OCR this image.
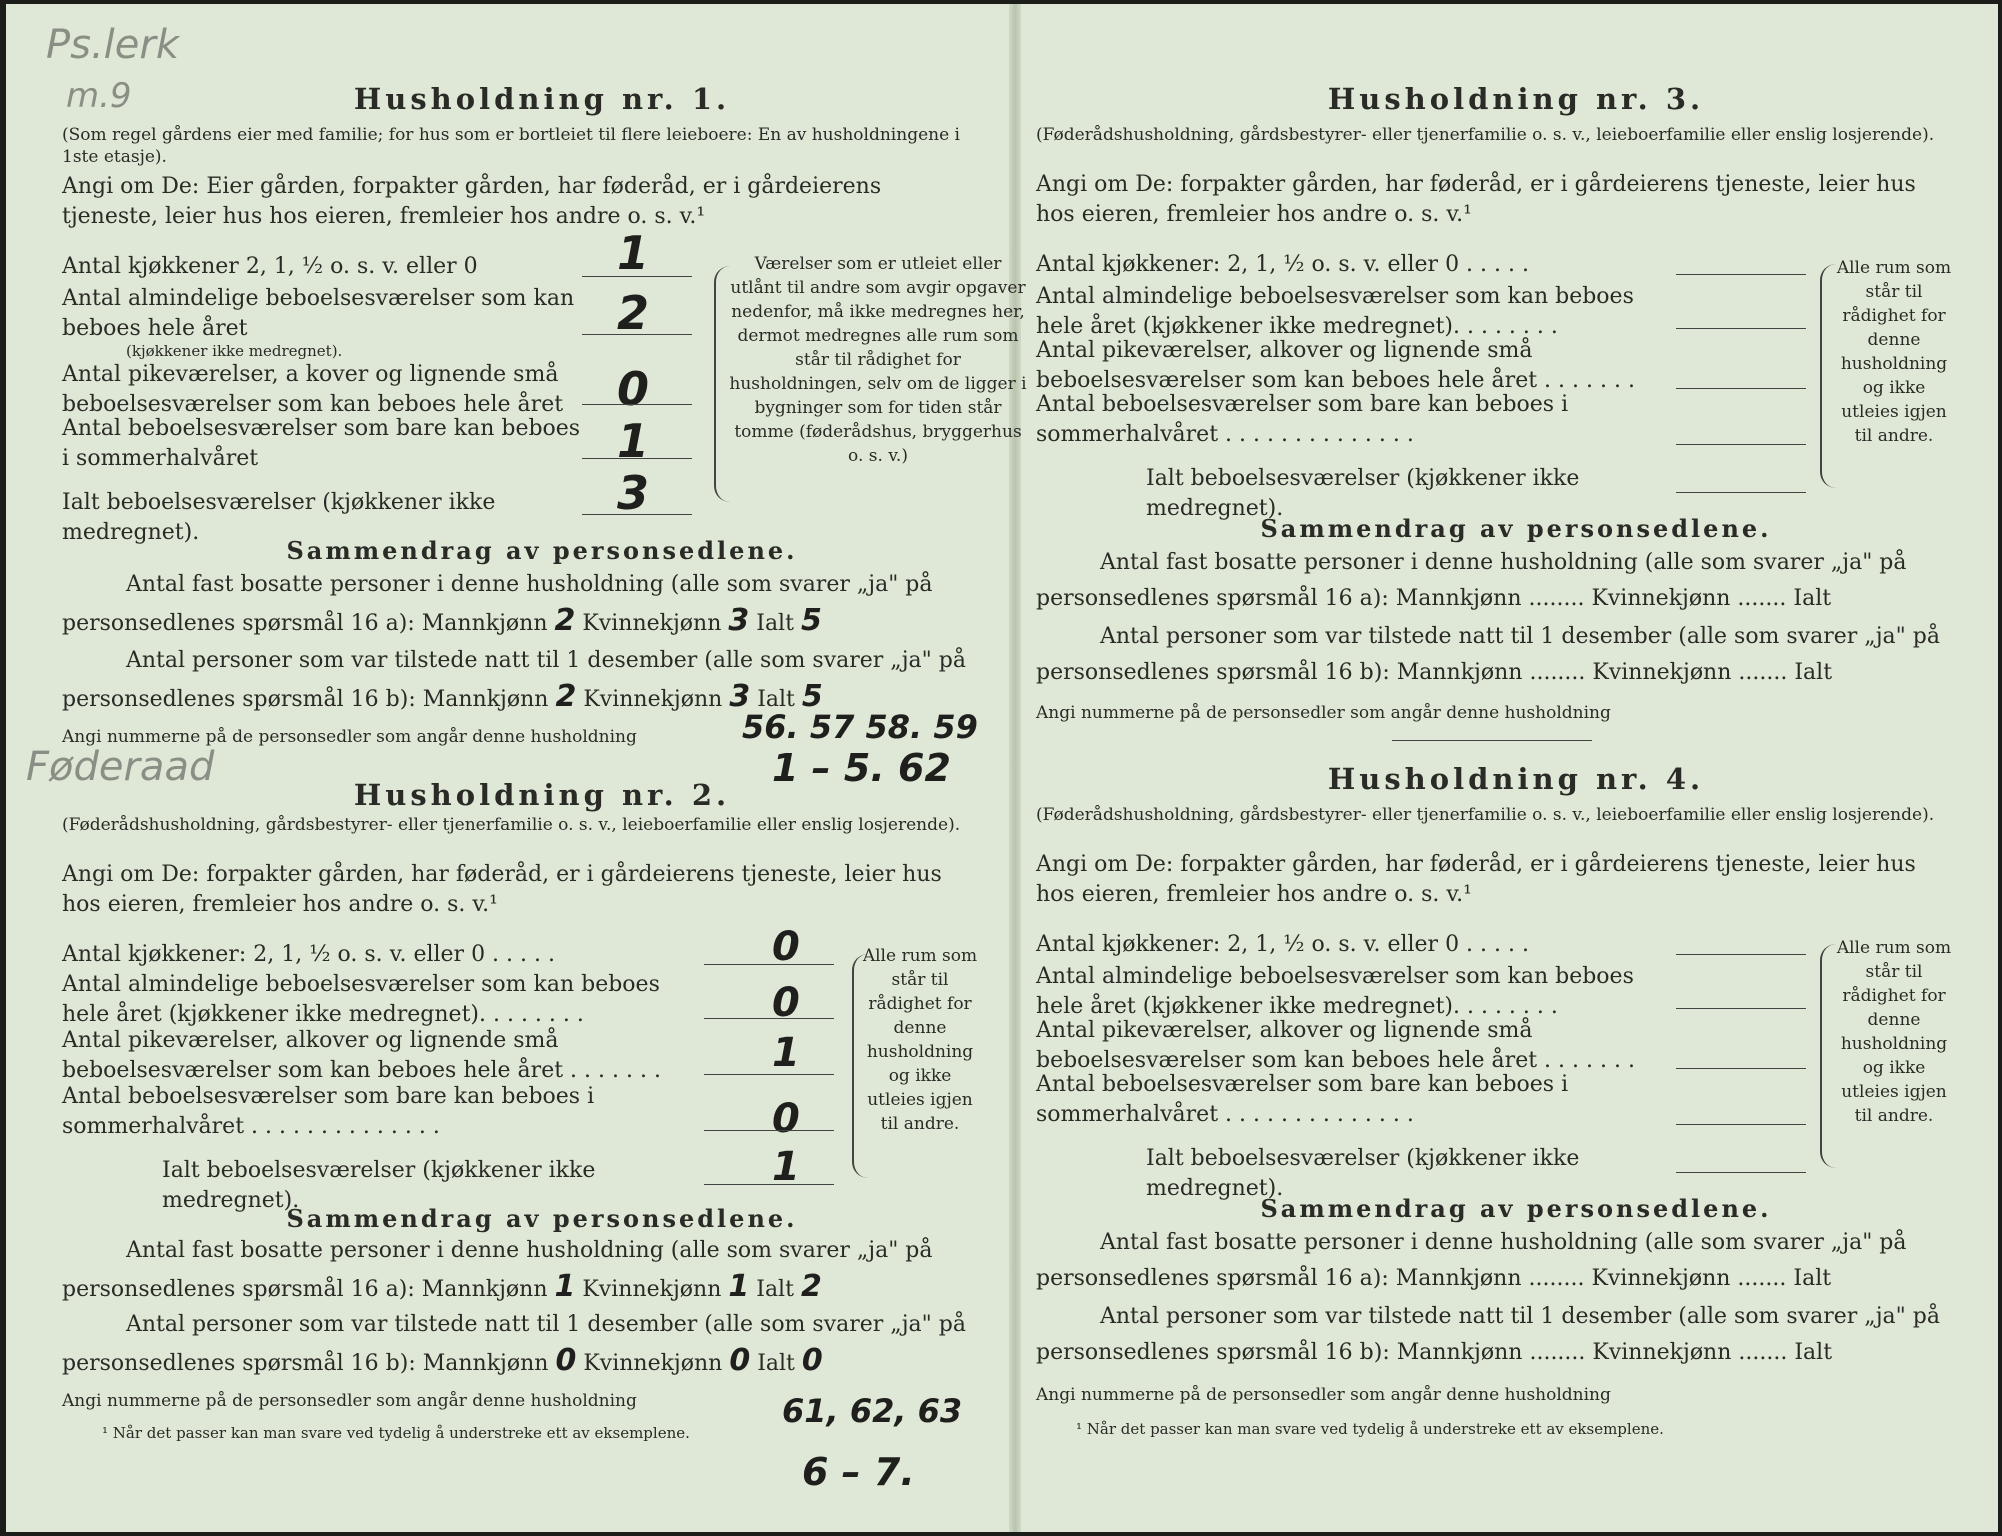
Ps.lerk
m.9
Føderaad
Husholdning nr. 1.
(Som regel gårdens eier med familie; for hus som er bortleiet til flere leieboere: En av husholdningene i 1ste etasje).
Angi om De: Eier gården, forpakter gården, har føderåd, er i gårdeierens tjeneste, leier hus hos eieren, fremleier hos andre o. s. v.¹
Antal kjøkkener 2, 1, ½ o. s. v. eller 0
Antal almindelige beboelsesværelser som kan beboes hele året
(kjøkkener ikke medregnet).
Antal pikeværelser, a kover og lignende små beboelsesværelser som kan beboes hele året
Antal beboelsesværelser som bare kan beboes i sommerhalvåret
Ialt beboelsesværelser (kjøkkener ikke medregnet).
1
2
0
1
3
Værelser som er utleiet eller utlånt til andre som avgir opgaver nedenfor, må ikke medregnes her, dermot medregnes alle rum som står til rådighet for husholdningen, selv om de ligger i bygninger som for tiden står tomme (føderådshus, bryggerhus o. s. v.)
Sammendrag av personsedlene.
Antal fast bosatte personer i denne husholdning (alle som svarer „ja" på
personsedlenes spørsmål 16 a): Mannkjønn 2 Kvinnekjønn 3 Ialt 5
Antal personer som var tilstede natt til 1 desember (alle som svarer „ja" på
personsedlenes spørsmål 16 b): Mannkjønn 2 Kvinnekjønn 3 Ialt 5
Angi nummerne på de personsedler som angår denne husholdning	56. 57 58. 59
1 – 5. 62
Husholdning nr. 2.
(Føderådshusholdning, gårdsbestyrer- eller tjenerfamilie o. s. v., leieboerfamilie eller enslig losjerende).
Angi om De: forpakter gården, har føderåd, er i gårdeierens tjeneste, leier hus hos eieren, fremleier hos andre o. s. v.¹
Antal kjøkkener: 2, 1, ½ o. s. v. eller 0 . . . . .
Antal almindelige beboelsesværelser som kan beboes hele året (kjøkkener ikke medregnet). . . . . . . .
Antal pikeværelser, alkover og lignende små beboelsesværelser som kan beboes hele året . . . . . . .
Antal beboelsesværelser som bare kan beboes i sommerhalvåret . . . . . . . . . . . . . .
Ialt beboelsesværelser (kjøkkener ikke medregnet).
0
0
1
0
1
Alle rum som står til rådighet for denne husholdning og ikke utleies igjen til andre.
Sammendrag av personsedlene.
Antal fast bosatte personer i denne husholdning (alle som svarer „ja" på
personsedlenes spørsmål 16 a): Mannkjønn 1 Kvinnekjønn 1 Ialt 2
Antal personer som var tilstede natt til 1 desember (alle som svarer „ja" på
personsedlenes spørsmål 16 b): Mannkjønn 0 Kvinnekjønn 0 Ialt 0
Angi nummerne på de personsedler som angår denne husholdning	61, 62, 63
6 – 7.
¹ Når det passer kan man svare ved tydelig å understreke ett av eksemplene.
Husholdning nr. 3.
(Føderådshusholdning, gårdsbestyrer- eller tjenerfamilie o. s. v., leieboerfamilie eller enslig losjerende).
Angi om De: forpakter gården, har føderåd, er i gårdeierens tjeneste, leier hus hos eieren, fremleier hos andre o. s. v.¹
Antal kjøkkener: 2, 1, ½ o. s. v. eller 0 . . . . .
Antal almindelige beboelsesværelser som kan beboes hele året (kjøkkener ikke medregnet). . . . . . . .
Antal pikeværelser, alkover og lignende små beboelsesværelser som kan beboes hele året . . . . . . .
Antal beboelsesværelser som bare kan beboes i sommerhalvåret . . . . . . . . . . . . . .
Ialt beboelsesværelser (kjøkkener ikke medregnet).
Alle rum som står til rådighet for denne husholdning og ikke utleies igjen til andre.
Sammendrag av personsedlene.
Antal fast bosatte personer i denne husholdning (alle som svarer „ja" på
personsedlenes spørsmål 16 a): Mannkjønn ........ Kvinnekjønn ....... Ialt
Antal personer som var tilstede natt til 1 desember (alle som svarer „ja" på
personsedlenes spørsmål 16 b): Mannkjønn ........ Kvinnekjønn ....... Ialt
Angi nummerne på de personsedler som angår denne husholdning
Husholdning nr. 4.
(Føderådshusholdning, gårdsbestyrer- eller tjenerfamilie o. s. v., leieboerfamilie eller enslig losjerende).
Angi om De: forpakter gården, har føderåd, er i gårdeierens tjeneste, leier hus hos eieren, fremleier hos andre o. s. v.¹
Antal kjøkkener: 2, 1, ½ o. s. v. eller 0 . . . . .
Antal almindelige beboelsesværelser som kan beboes hele året (kjøkkener ikke medregnet). . . . . . . .
Antal pikeværelser, alkover og lignende små beboelsesværelser som kan beboes hele året . . . . . . .
Antal beboelsesværelser som bare kan beboes i sommerhalvåret . . . . . . . . . . . . . .
Ialt beboelsesværelser (kjøkkener ikke medregnet).
Alle rum som står til rådighet for denne husholdning og ikke utleies igjen til andre.
Sammendrag av personsedlene.
Antal fast bosatte personer i denne husholdning (alle som svarer „ja" på
personsedlenes spørsmål 16 a): Mannkjønn ........ Kvinnekjønn ....... Ialt
Antal personer som var tilstede natt til 1 desember (alle som svarer „ja" på
personsedlenes spørsmål 16 b): Mannkjønn ........ Kvinnekjønn ....... Ialt
Angi nummerne på de personsedler som angår denne husholdning
¹ Når det passer kan man svare ved tydelig å understreke ett av eksemplene.
